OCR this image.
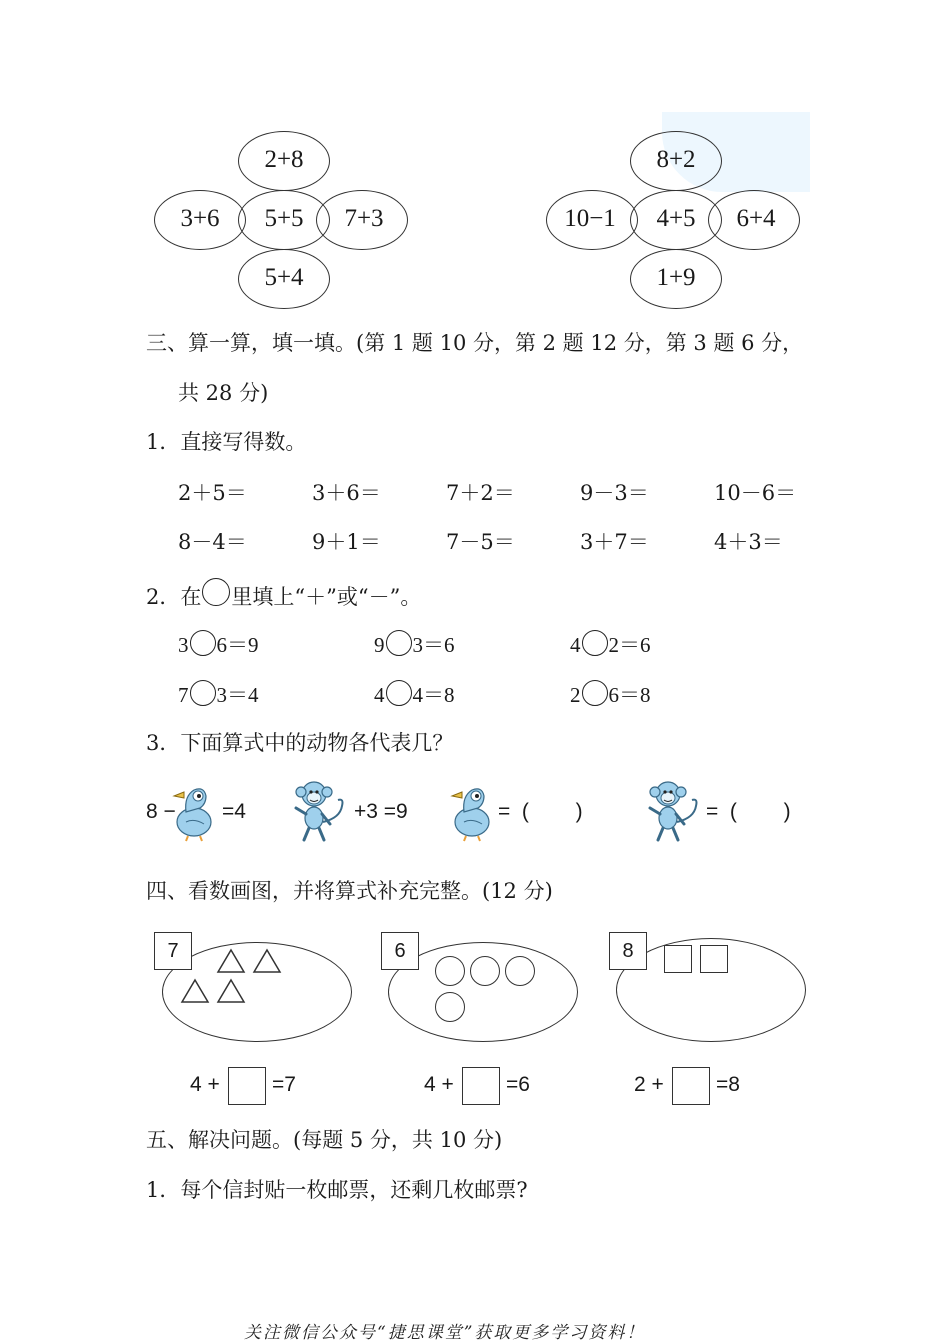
2+8
3+6	5+5	7+3
5+4
8+2
10−1	4+5	6+4
1+9
三、算一算，填一填。(第 1 题 10 分，第 2 题 12 分，第 3 题 6 分，
共 28 分)
1．直接写得数。
2＋5＝	3＋6＝	7＋2＝	9－3＝	10－6＝
8－4＝	9＋1＝	7－5＝	3＋7＝	4＋3＝
2．在 里填上“＋”或“－”。
3 6＝9	9 3＝6	4 2＝6
7 3＝4	4 4＝8	2 6＝8
3．下面算式中的动物各代表几？
8 − =4	+3 =9	=  (        )	=  (        )
四、看数画图，并将算式补充完整。(12 分)
7
4 + =7
6
4 + =6
8
2 + =8
五、解决问题。(每题 5 分，共 10 分)
1．每个信封贴一枚邮票，还剩几枚邮票?
关注微信公众号“捷思课堂”获取更多学习资料！
